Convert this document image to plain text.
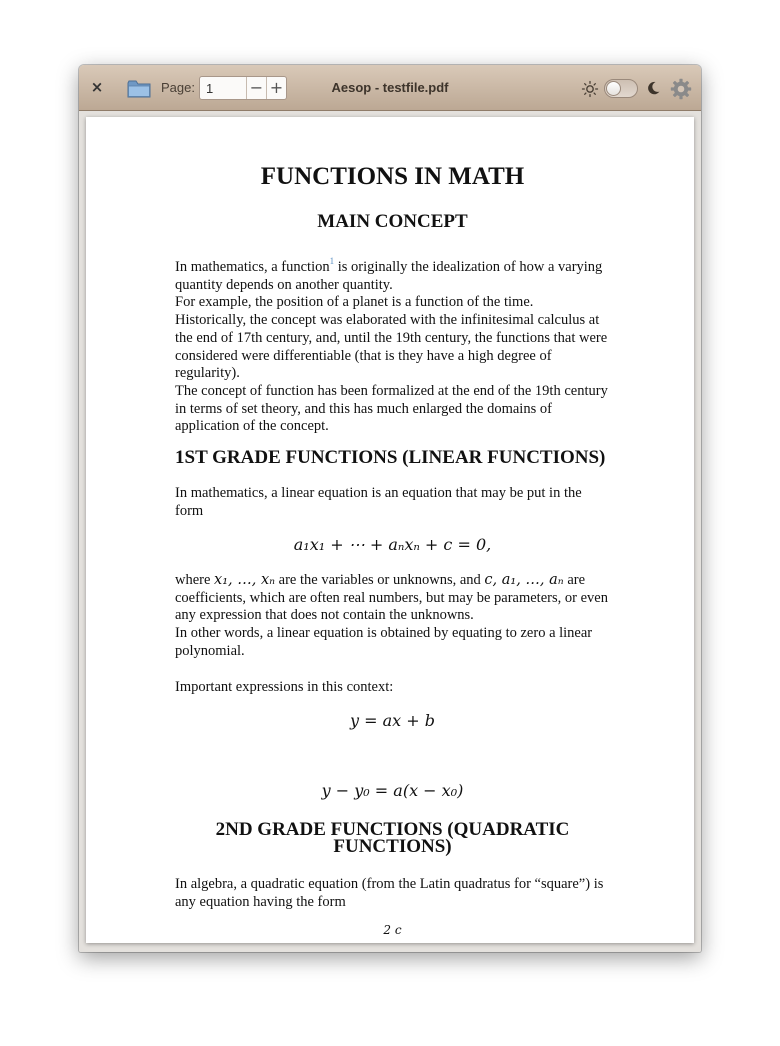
×	Page:
1	− +	Aesop - testfile.pdf
FUNCTIONS IN MATH
MAIN CONCEPT

In mathematics, a function$^1$ is originally the idealization of how a varying quantity depends on another quantity.

For example, the position of a planet is a function of the time.

Historically, the concept was elaborated with the infinitesimal calculus at the end of 17th century, and, until the 19th century, the functions that were considered were differentiable (that is they have a high degree of regularity).

The concept of function has been formalized at the end of the 19th century in terms of set theory, and this has much enlarged the domains of application of the concept.

1ST GRADE FUNCTIONS (LINEAR FUNCTIONS)
In mathematics, a linear equation is an equation that may be put in the form
a₁x₁ + ⋯ + aₙxₙ + c = 0,

where x₁, …, xₙ are the variables or unknowns, and c, a₁, …, aₙ are coefficients, which are often real numbers, but may be parameters, or even any expression that does not contain the unknowns.

In other words, a linear equation is obtained by equating to zero a linear polynomial.

Important expressions in this context:
y = ax + b
y − y₀ = a(x − x₀)
2ND GRADE FUNCTIONS (QUADRATIC FUNCTIONS)
In algebra, a quadratic equation (from the Latin quadratus for “square”) is any equation having the form
2 c
